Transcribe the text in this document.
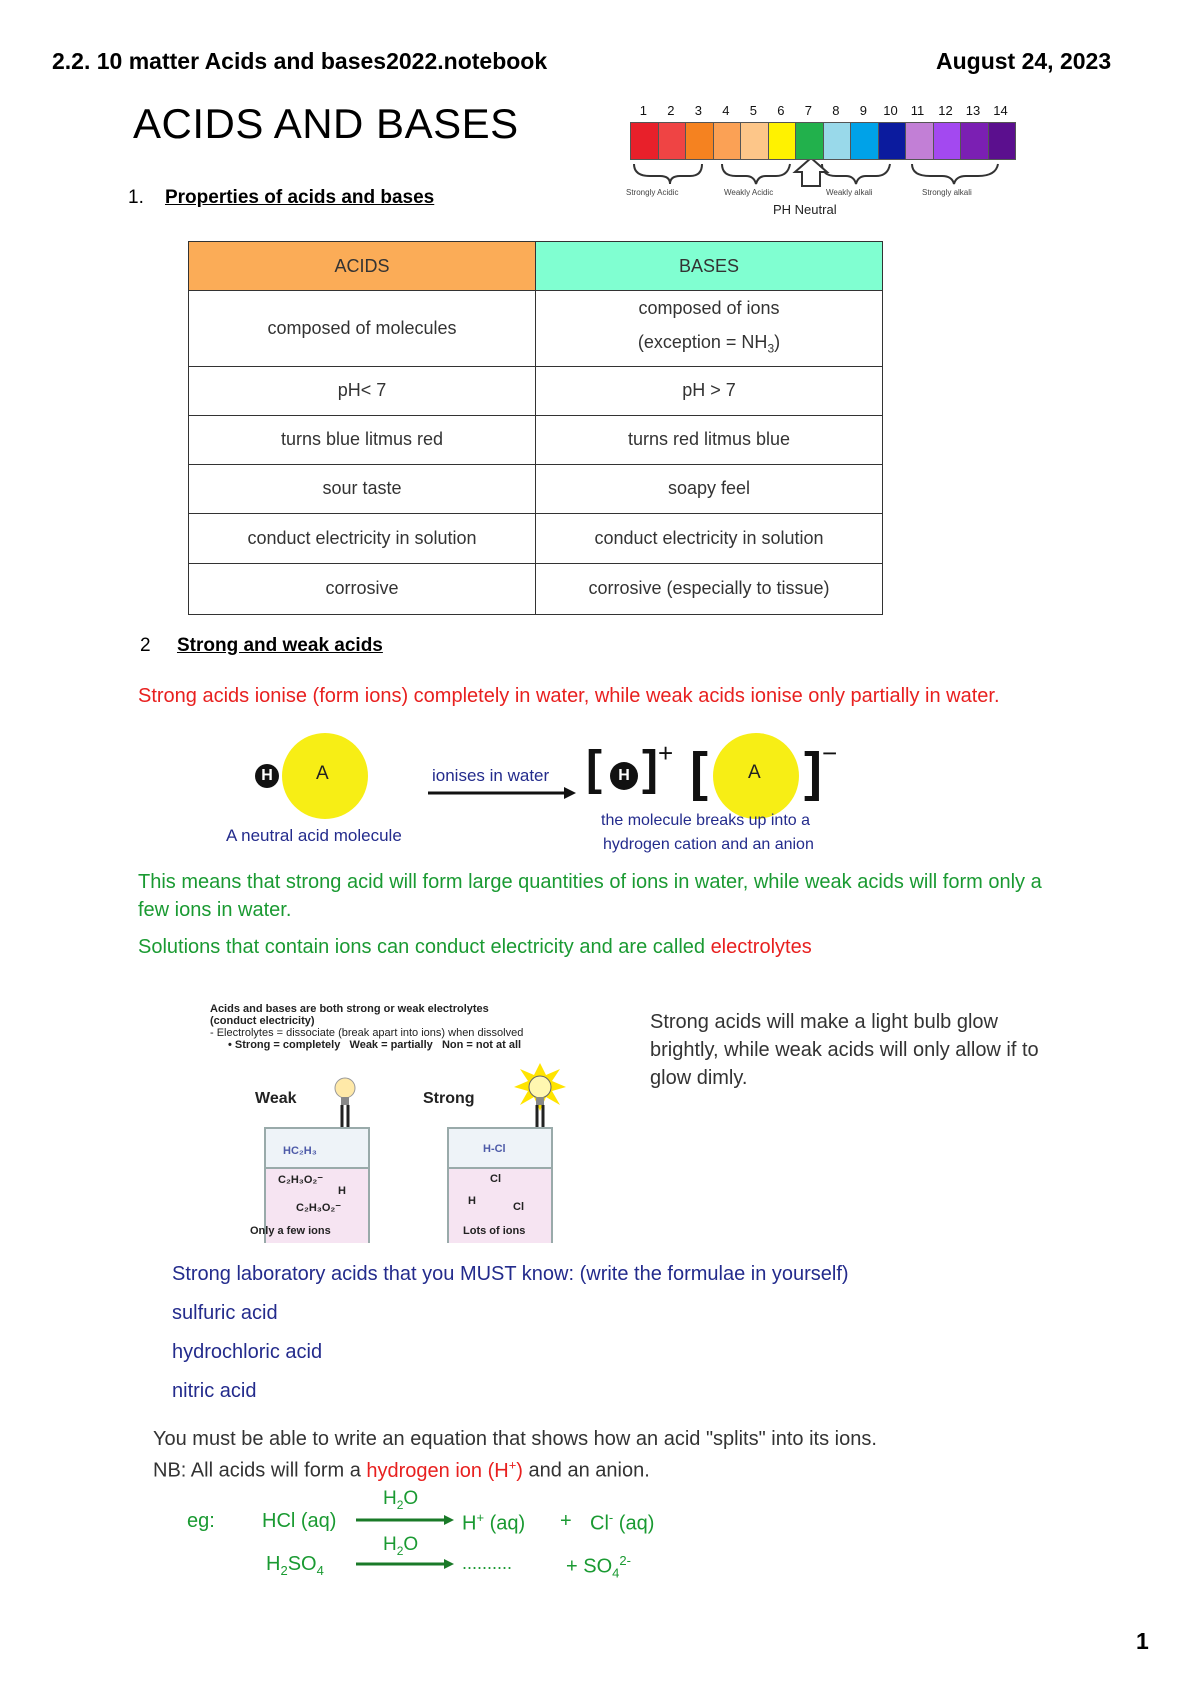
2.2. 10 matter Acids and bases2022.notebook	August 24, 2023
ACIDS AND BASES
1. Properties of acids and bases
1 2 3 4 5 6 7 8 9 10 11 12 13 14
Strongly Acidic	Weakly Acidic	Weakly alkali	Strongly alkali
PH Neutral
ACIDS	BASES
composed of molecules	composed of ions
(exception = $NH_3$)

pH< 7	pH > 7
turns blue litmus red	turns red litmus blue
sour taste	soapy feel
conduct electricity in solution	conduct electricity in solution
corrosive	corrosive (especially to tissue)
2 Strong and weak acids
Strong acids ionise (form ions) completely in water, while weak acids ionise only partially in water.
H	A
A neutral acid molecule
ionises in water [	H ] + [ A ] −
the molecule breaks up into a
hydrogen cation and an anion
This means that strong acid will form large quantities of ions in water, while weak acids will form only a few ions in water.
Solutions that contain ions can conduct electricity and are called electrolytes
Acids and bases are both strong or weak electrolytes
(conduct electricity)
- Electrolytes = dissociate (break apart into ions) when dissolved
• Strong = completely   Weak = partially   Non = not at all
Weak	Strong
HC₂H₃
C₂H₃O₂⁻
H
C₂H₃O₂⁻
H-Cl
Cl
H	Cl
Only a few ions	Lots of ions
Strong acids will make a light bulb glow brightly, while weak acids will only allow if to glow dimly.
Strong laboratory acids that you MUST know: (write the formulae in yourself)
sulfuric acid
hydrochloric acid
nitric acid
You must be able to write an equation that shows how an acid "splits" into its ions.
NB: All acids will form a hydrogen ion (H+) and an anion.
eg: HCl (aq)
$H_2O$
H+ (aq) + Cl- (aq)
$H_2SO_4$
$H_2O$
..........	+ $SO_4^{2-}$
1
